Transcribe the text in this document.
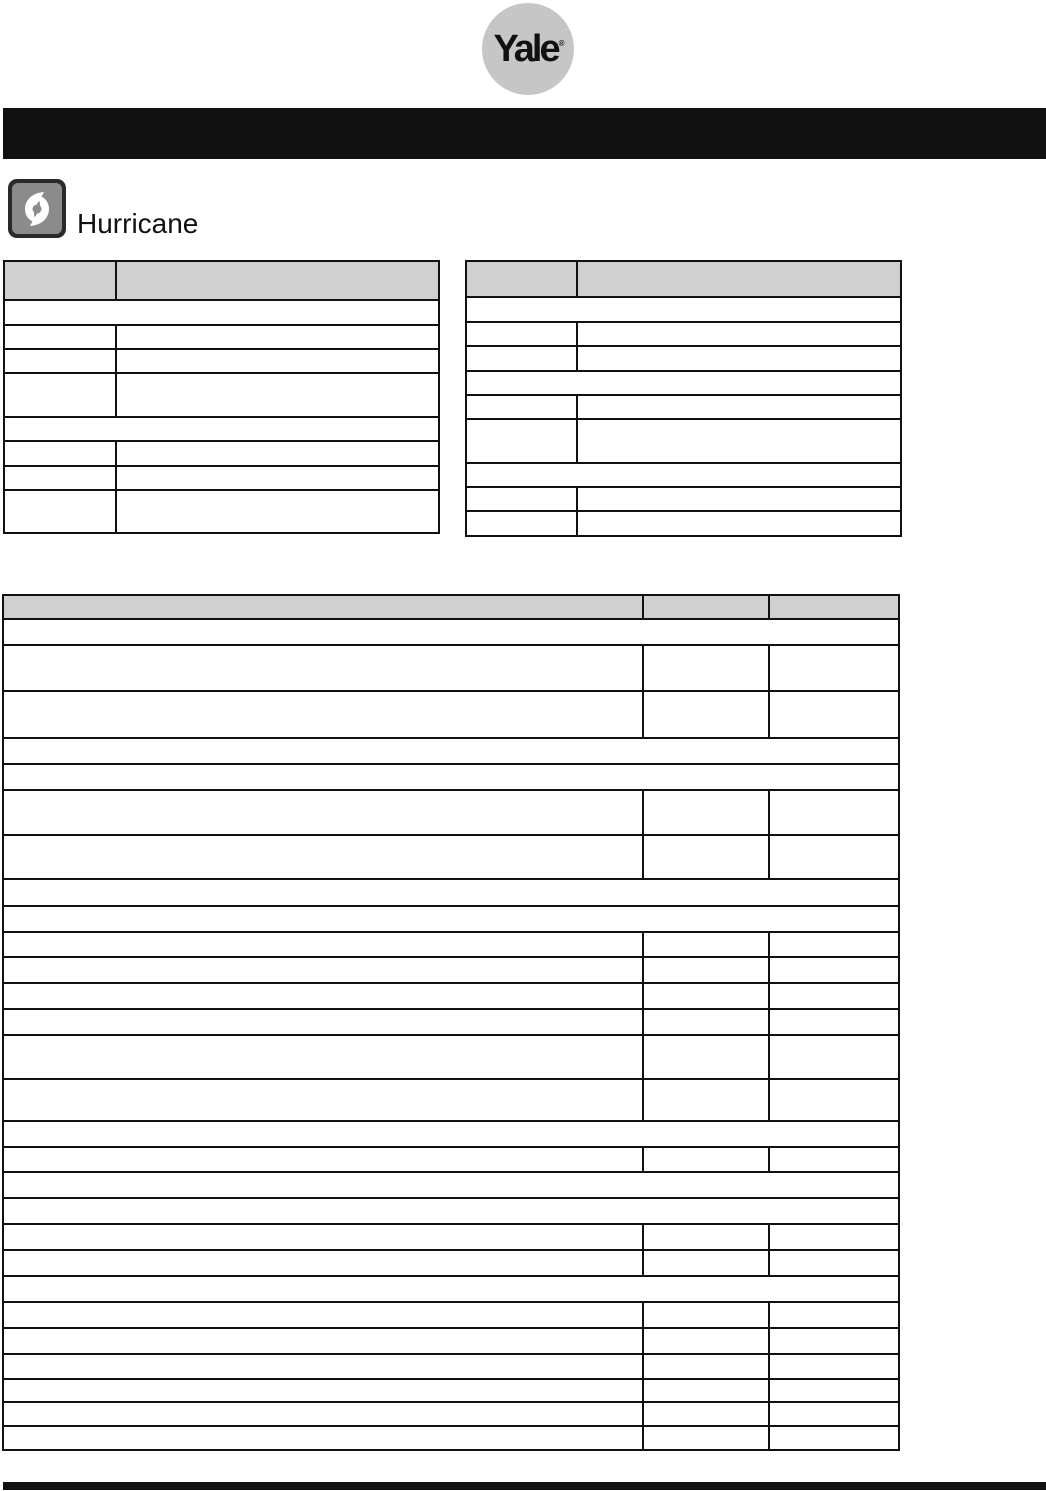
Yale ®
Hurricane
